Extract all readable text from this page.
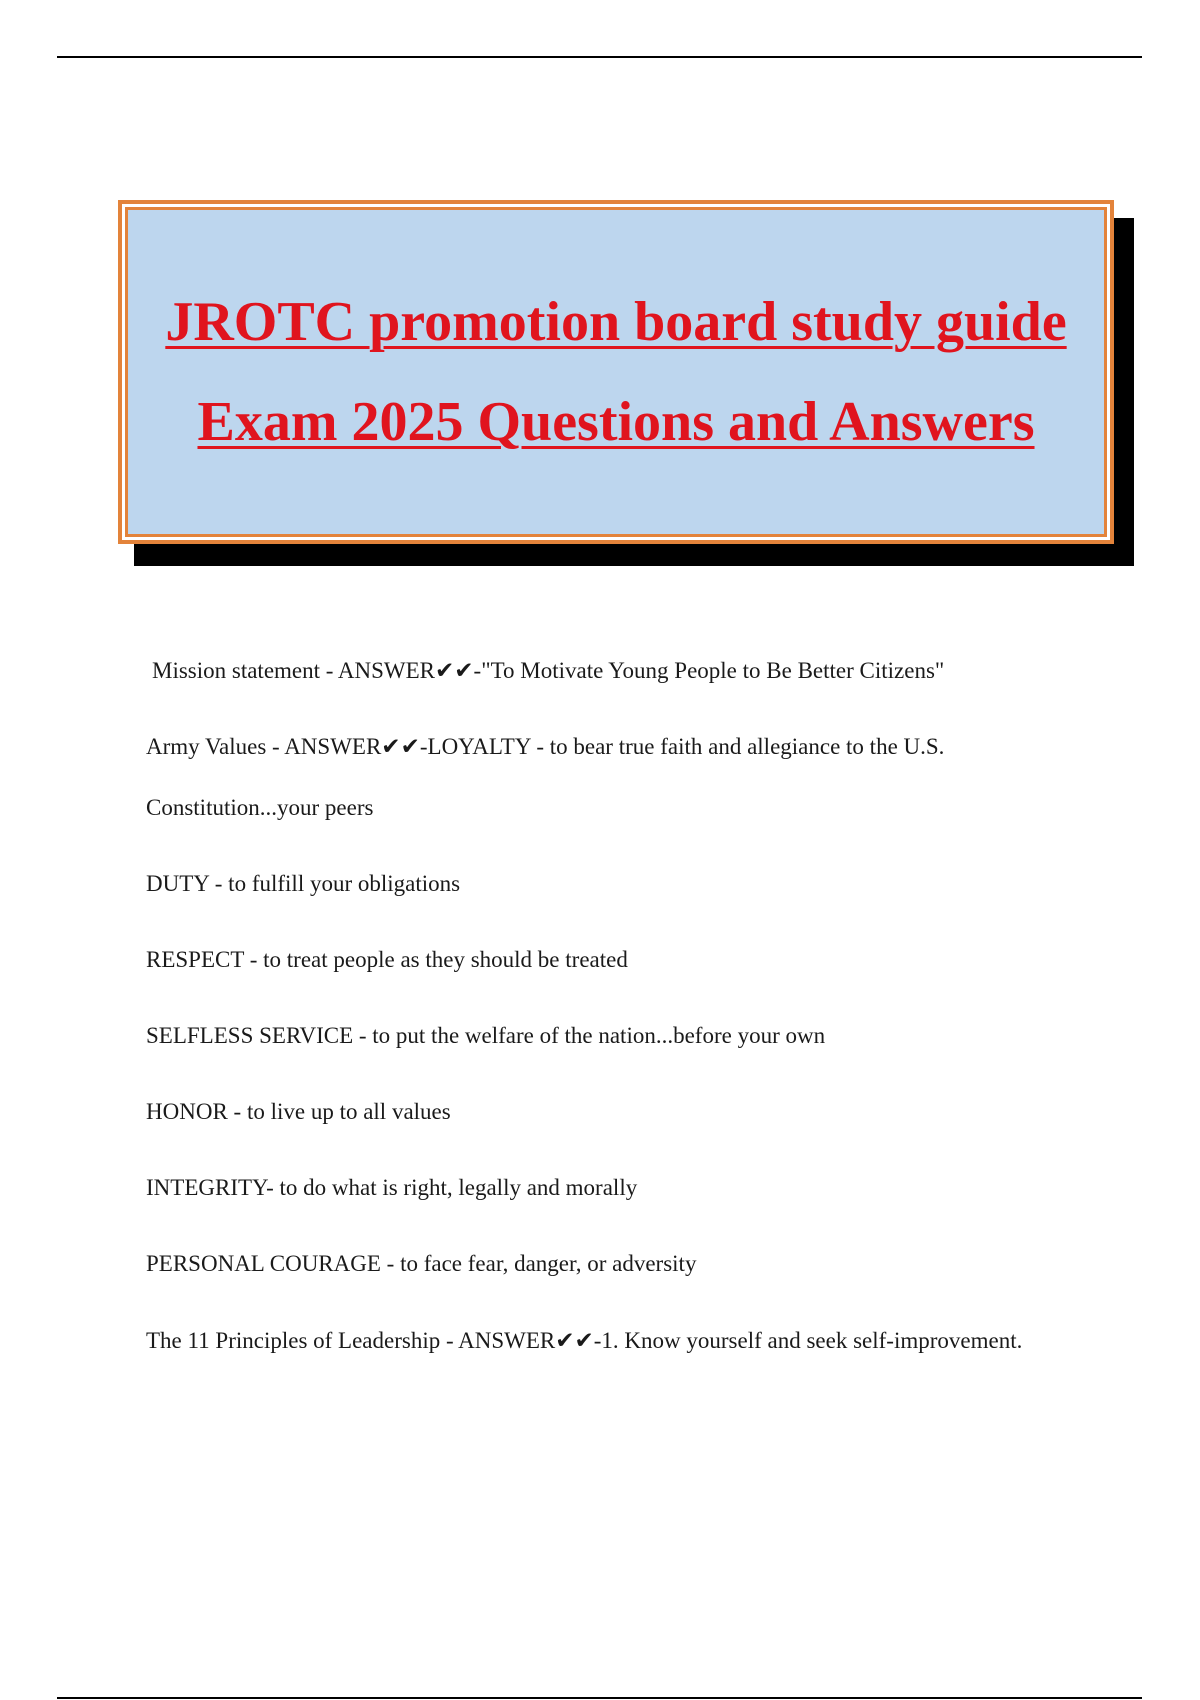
JROTC promotion board study guide Exam 2025 Questions and Answers

Mission statement - ANSWER✔✔-"To Motivate Young People to Be Better Citizens"

Army Values - ANSWER✔✔-LOYALTY - to bear true faith and allegiance to the U.S. Constitution...your peers

DUTY - to fulfill your obligations

RESPECT - to treat people as they should be treated

SELFLESS SERVICE - to put the welfare of the nation...before your own

HONOR - to live up to all values

INTEGRITY- to do what is right, legally and morally

PERSONAL COURAGE - to face fear, danger, or adversity

The 11 Principles of Leadership - ANSWER✔✔-1. Know yourself and seek self-improvement.
